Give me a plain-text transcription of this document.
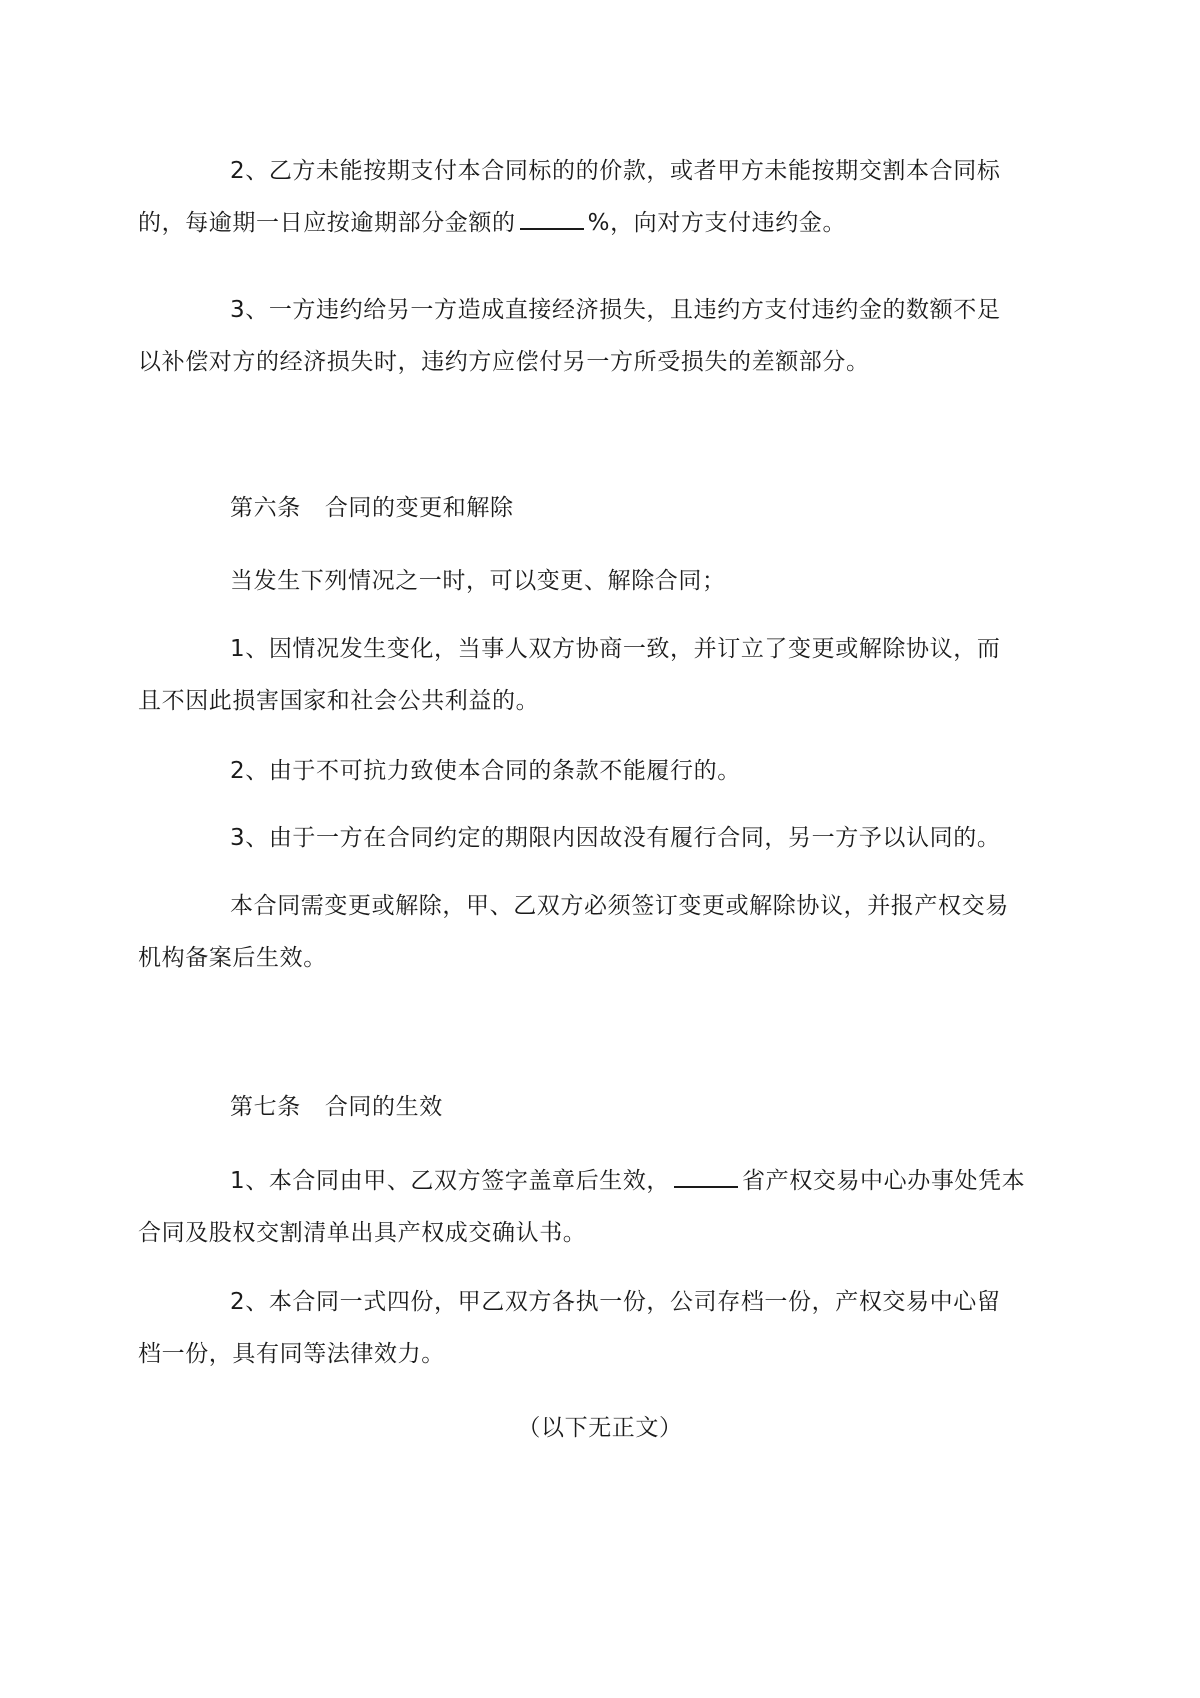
2、乙方未能按期支付本合同标的的价款，或者甲方未能按期交割本合同标
的，每逾期一日应按逾期部分金额的	%，向对方支付违约金。
3、一方违约给另一方造成直接经济损失，且违约方支付违约金的数额不足
以补偿对方的经济损失时，违约方应偿付另一方所受损失的差额部分。
第六条 合同的变更和解除
当发生下列情况之一时，可以变更、解除合同；
1、因情况发生变化，当事人双方协商一致，并订立了变更或解除协议，而
且不因此损害国家和社会公共利益的。
2、由于不可抗力致使本合同的条款不能履行的。
3、由于一方在合同约定的期限内因故没有履行合同，另一方予以认同的。
本合同需变更或解除，甲、乙双方必须签订变更或解除协议，并报产权交易
机构备案后生效。
第七条 合同的生效
1、本合同由甲、乙双方签字盖章后生效，	省产权交易中心办事处凭本
合同及股权交割清单出具产权成交确认书。
2、本合同一式四份，甲乙双方各执一份，公司存档一份，产权交易中心留
档一份，具有同等法律效力。
（以下无正文）
